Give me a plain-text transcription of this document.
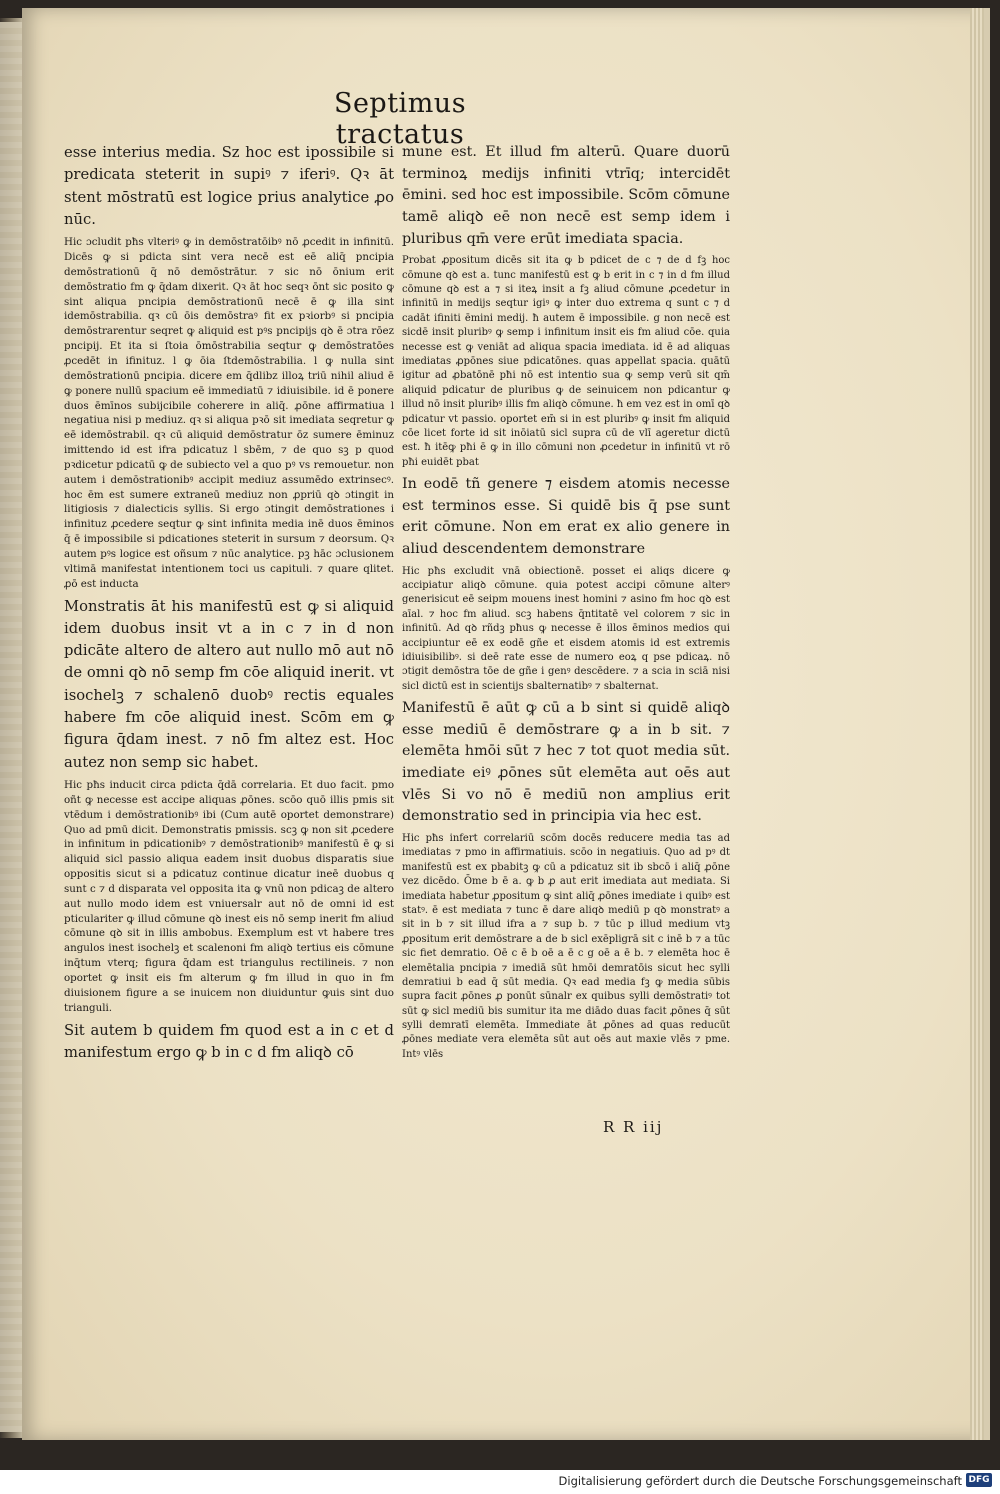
Septimus tractatus

esse interius media. Sz hoc est ipossibile si predicata steterit in supiꝰ ⁊ iferiꝰ. Qꝛ āt stent mōstratū est logice prius analytice ꝓo nūc.

Hic ɔcludit pħs vlteriꝰ ꝙ in demōstratōibꝰ nō ꝓcedit in infinitū. Dicēs ꝙ si pdicta sint vera necē est eē aliq̄ pncipia demōstrationū q̄ nō demōstrātur. ⁊ sic nō ōnium erit demōstratio fm ꝙ q̄dam dixerit. Qꝛ āt hoc seqꝛ ōnt sic posito ꝙ sint aliqua pncipia demōstrationū necē ē ꝙ illa sint idemōstrabilia. qꝛ cū ōis demōstraꝰ fit ex pꝛiorbꝰ si pncipia demōstrarentur seqret ꝙ aliquid est pꝰs pncipijs qꝺ ē ɔtra rōez pncipij. Et ita si ſtoia ōmōstrabilia seqtur ꝙ demōstratōes ꝓcedēt in ifinituz. l ꝙ ōia ſtdemōstrabilia. l ꝙ nulla sint demōstrationū pncipia. dicere em q̄dlibz illoꝝ triū nihil aliud ē ꝙ ponere nullū spacium eē immediatū ⁊ idiuisibile. id ē ponere duos ēmīnos subijcibile coherere in aliq̄. ꝓōne affirmatiua l negatiua nisi p mediuz. qꝛ si aliqua pꝛō sit imediata seqretur ꝙ eē idemōstrabil. qꝛ cū aliquid demōstratur ōz sumere ēminuz imittendo id est ifra pdicatuz l sbēm, ⁊ de quo sꝫ p quod pꝛdicetur pdicatū ꝙ de subiecto vel a quo pꝰ vs remouetur. non autem i demōstrationibꝰ accipit mediuz assumēdo extrinsecꝰ. hoc ēm est sumere extraneū mediuz non ꝓpriū qꝺ ɔtingit in litigiosis ⁊ dialecticis syllis. Si ergo ɔtingit demōstrationes i infinituz ꝓcedere seqtur ꝙ sint infinita media inē duos ēminos q̄ ē impossibile si pdicationes steterit in sursum ⁊ deorsum. Qꝛ autem pꝰs logice est oñsum ⁊ nūc analytice. pꝫ hāc ɔclusionem vltimā manifestat intentionem toci us capituli. ⁊ quare qlitet. ꝓō est inducta

Monstratis āt his manifestū est ꝙ si aliquid idem duobus insit vt a in c ⁊ in d non pdicāte altero de altero aut nullo mō aut nō de omni qꝺ nō semp fm cōe aliquid inerit. vt isochelꝫ ⁊ schalenō duobꝰ rectis equales habere fm cōe aliquid inest. Scōm em ꝙ figura q̄dam inest. ⁊ nō fm altez est. Hoc autez non semp sic habet.

Hic pħs inducit circa pdicta q̄dā correlaria. Et duo facit. pmo oñt ꝙ necesse est accipe aliquas ꝓōnes. scōo quō illis pmis sit vtēdum i demōstrationibꝰ ibi (Cum autē oportet demonstrare) Quo ad pmū dicit. Demonstratis pmissis. scꝫ ꝙ non sit ꝓcedere in infinitum in pdicationibꝰ ⁊ demōstrationibꝰ manifestū ē ꝙ si aliquid sicl passio aliqua eadem insit duobus disparatis siue oppositis sicut si a pdicatuz continue dicatur ineē duobus q sunt c ⁊ d disparata vel opposita ita ꝙ vnū non pdicaꝫ de altero aut nullo modo idem est vniuersalr aut nō de omni id est pticulariter ꝙ illud cōmune qꝺ inest eis nō semp inerit fm aliud cōmune qꝺ sit in illis ambobus. Exemplum est vt habere tres angulos inest isochelꝫ et scalenoni fm aliqꝺ tertius eis cōmune inq̄tum vterq; figura q̄dam est triangulus rectilineis. ⁊ non oportet ꝙ insit eis fm alterum ꝙ fm illud in quo in fm diuisionem figure a se inuicem non diuiduntur ꝙuis sint duo trianguli.

Sit autem b quidem fm quod est a in c et d manifestum ergo ꝙ b in c d fm aliqꝺ cō

mune est. Et illud fm alterū. Quare duorū terminoꝝ medijs infiniti vtrīq; intercidēt ēmini. sed hoc est impossibile. Scōm cōmune tamē aliqꝺ eē non necē est semp idem i pluribus qm̄ vere erūt imediata spacia.

Probat ꝓpositum dicēs sit ita ꝙ b pdicet de c ⁊ de d fꝫ hoc cōmune qꝺ est a. tunc manifestū est ꝙ b erit in c ⁊ in d fm illud cōmune qꝺ est a ⁊ si iteꝝ insit a fꝫ aliud cōmune ꝓcedetur in infinitū in medijs seqtur igiꝰ ꝙ inter duo extrema q sunt c ⁊ d cadāt ifiniti ēmini medij. ħ autem ē impossibile. g non necē est sicdē insit pluribꝰ ꝙ semp i infinitum insit eis fm aliud cōe. quia necesse est ꝙ veniāt ad aliqua spacia imediata. id ē ad aliquas imediatas ꝓpōnes siue pdicatōnes. quas appellat spacia. quātū igitur ad ꝓbatōnē pħi nō est intentio sua ꝙ semp verū sit qm̄ aliquid pdicatur de pluribus ꝙ de seinuicem non pdicantur ꝙ illud nō insit pluribꝰ illis fm aliqꝺ cōmune. ħ em vez est in omī qꝺ pdicatur vt passio. oportet em̄ si in est pluribꝰ ꝙ insit fm aliquid cōe licet forte id sit inōiatū sicl supra cū de vlī ageretur dictū est. ħ itēꝙ pħi ē ꝙ in illo cōmuni non ꝓcedetur in infinitū vt rō pħi euidēt pbat

In eodē tñ genere ⁊ eisdem atomis necesse est terminos esse. Si quidē bis q̄ pse sunt erit cōmune. Non em erat ex alio genere in aliud descendentem demonstrare

Hic pħs excludit vnā obiectionē. posset ei aliqs dicere ꝙ accipiatur aliqꝺ cōmune. quia potest accipi cōmune alterꝰ generisicut eē seipm mouens inest homini ⁊ asino fm hoc qꝺ est aīal. ⁊ hoc fm aliud. scꝫ habens q̄ntitatē vel colorem ⁊ sic in infinitū. Ad qꝺ rñdꝫ pħus ꝙ necesse ē illos ēminos medios qui accipiuntur eē ex eodē gñe et eisdem atomis id est extremis idiuisibilibꝰ. si deē rate esse de numero eoꝝ q pse pdicaꝝ. nō ɔtigit demōstra tōe de gñe i genꝰ descēdere. ⁊ a scia in sciā nisi sicl dictū est in scientijs sbalternatibꝰ ⁊ sbalternat.

Manifestū ē aūt ꝙ cū a b sint si quidē aliqꝺ esse mediū ē demōstrare ꝙ a in b sit. ⁊ elemēta hmōi sūt ⁊ hec ⁊ tot quot media sūt. imediate eiꝰ ꝓōnes sūt elemēta aut oēs aut vlēs Si vo nō ē mediū non amplius erit demonstratio sed in principia via hec est.

Hic pħs infert correlariū scōm docēs reducere media tas ad imediatas ⁊ pmo in affirmatiuis. scōo in negatiuis. Quo ad pꝰ dt manifestū est ex pbabitꝫ ꝙ cū a pdicatuz sit ib sbcō i aliq̄ ꝓōne vez dicēdo. Ōme b ē a. ꝙ b ꝓ aut erit imediata aut mediata. Si imediata habetur ꝓpositum ꝙ sint aliq̄ ꝓōnes imediate i quibꝰ est statꝰ. ē est mediata ⁊ tunc ē dare aliqꝺ mediū p qꝺ monstratꝰ a sit in b ⁊ sit illud ifra a ⁊ sup b. ⁊ tūc p illud medium vtꝫ ꝓpositum erit demōstrare a de b sicl exēpligrā sit c inē b ⁊ a tūc sic fiet demratio. Oē c ē b oē a ē c g oē a ē b. ⁊ elemēta hoc ē elemētalia pncipia ⁊ imediā sūt hmōi demratōis sicut hec sylli demratiui b ead q̄ sūt media. Qꝛ ead media fꝫ ꝙ media sūbis supra facit ꝓōnes ꝓ ponūt sūnalr ex quibus sylli demōstratiꝰ tot sūt ꝙ sicl mediū bis sumitur ita me diādo duas facit ꝓōnes q̄ sūt sylli demratī elemēta. Immediate āt ꝓōnes ad quas reducūt ꝓōnes mediate vera elemēta sūt aut oēs aut maxie vlēs ⁊ pme. Intꝰ vlēs

R R iij
Digitalisierung gefördert durch die Deutsche Forschungsgemeinschaft DFG
